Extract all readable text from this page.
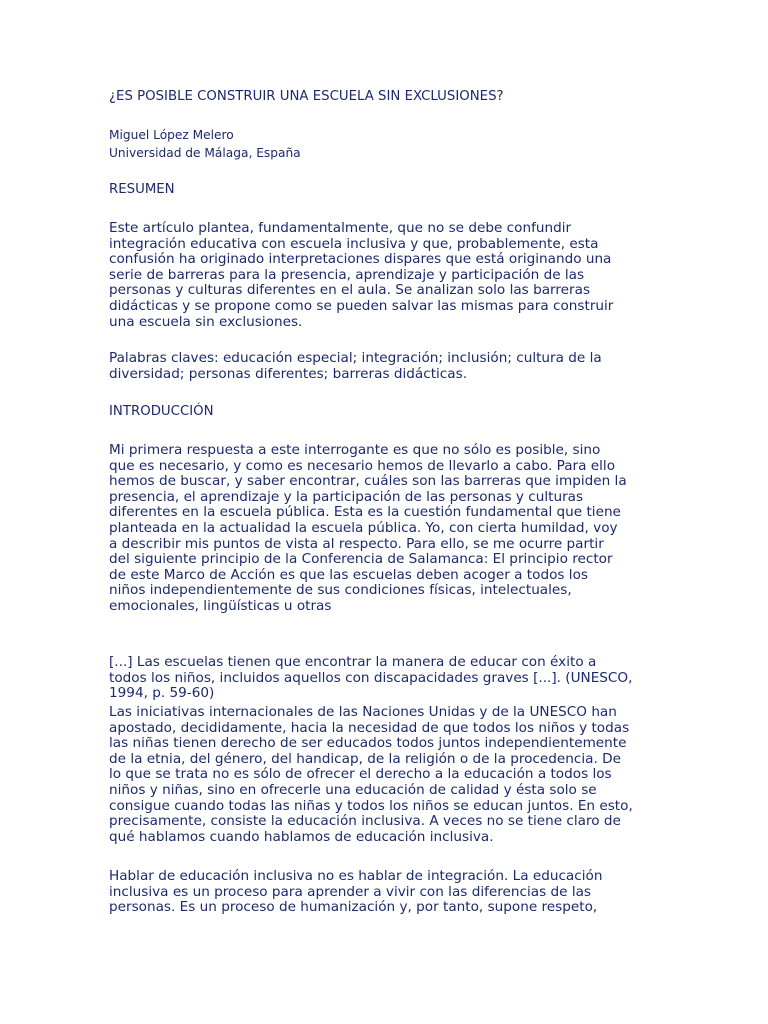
¿ES POSIBLE CONSTRUIR UNA ESCUELA SIN EXCLUSIONES?
Miguel López Melero
Universidad de Málaga, España
RESUMEN
Este artículo plantea, fundamentalmente, que no se debe confundir
integración educativa con escuela inclusiva y que, probablemente, esta
confusión ha originado interpretaciones dispares que está originando una
serie de barreras para la presencia, aprendizaje y participación de las
personas y culturas diferentes en el aula. Se analizan solo las barreras
didácticas y se propone como se pueden salvar las mismas para construir
una escuela sin exclusiones.
Palabras claves: educación especial; integración; inclusión; cultura de la
diversidad; personas diferentes; barreras didácticas.
INTRODUCCIÓN
Mi primera respuesta a este interrogante es que no sólo es posible, sino
que es necesario, y como es necesario hemos de llevarlo a cabo. Para ello
hemos de buscar, y saber encontrar, cuáles son las barreras que impiden la
presencia, el aprendizaje y la participación de las personas y culturas
diferentes en la escuela pública. Esta es la cuestión fundamental que tiene
planteada en la actualidad la escuela pública. Yo, con cierta humildad, voy
a describir mis puntos de vista al respecto. Para ello, se me ocurre partir
del siguiente principio de la Conferencia de Salamanca: El principio rector
de este Marco de Acción es que las escuelas deben acoger a todos los
niños independientemente de sus condiciones físicas, intelectuales,
emocionales, lingüísticas u otras
[...] Las escuelas tienen que encontrar la manera de educar con éxito a
todos los niños, incluidos aquellos con discapacidades graves [...]. (UNESCO,
1994, p. 59-60)
Las iniciativas internacionales de las Naciones Unidas y de la UNESCO han
apostado, decididamente, hacia la necesidad de que todos los niños y todas
las niñas tienen derecho de ser educados todos juntos independientemente
de la etnia, del género, del handicap, de la religión o de la procedencia. De
lo que se trata no es sólo de ofrecer el derecho a la educación a todos los
niños y niñas, sino en ofrecerle una educación de calidad y ésta solo se
consigue cuando todas las niñas y todos los niños se educan juntos. En esto,
precisamente, consiste la educación inclusiva. A veces no se tiene claro de
qué hablamos cuando hablamos de educación inclusiva.
Hablar de educación inclusiva no es hablar de integración. La educación
inclusiva es un proceso para aprender a vivir con las diferencias de las
personas. Es un proceso de humanización y, por tanto, supone respeto,
